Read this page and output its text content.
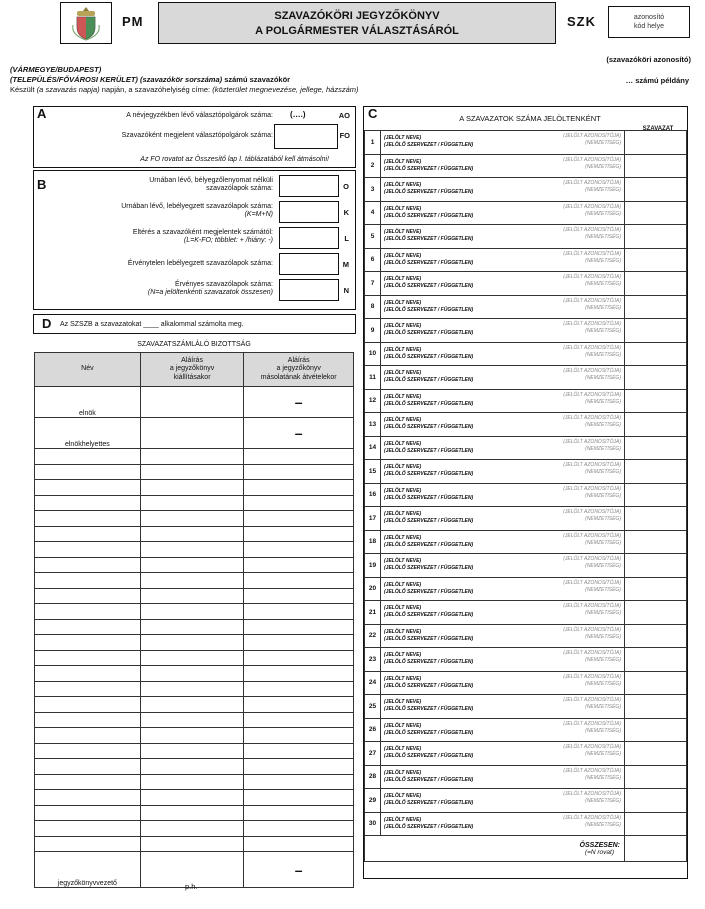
PM	SZAVAZÓKÖRI JEGYZŐKÖNYV
A POLGÁRMESTER VÁLASZTÁSÁRÓL
SZK	azonosító
kód helye
(szavazóköri azonosító)
(VÁRMEGYE/BUDAPEST)
(TELEPÜLÉS/FŐVÁROSI KERÜLET) (szavazókör sorszáma) számú szavazókör
Készült (a szavazás napja) napján, a szavazóhelyiség címe: (közterület megnevezése, jellege, házszám)
… számú példány
A	A névjegyzékben lévő választópolgárok száma: (….)	AO
Szavazóként megjelent választópolgárok száma:	FO
Az FO rovatot az Összesítő lap I. táblázatából kell átmásolni!
B	Urnában lévő, bélyegzőlenyomat nélküli
szavazólapok száma:	O
Urnában lévő, lebélyegzett szavazólapok száma:
(K=M+N)	K
Eltérés a szavazóként megjelentek számától:
(L=K-FO; többlet: + /hiány: -)	L
Érvénytelen lebélyegzett szavazólapok száma:	M
Érvényes szavazólapok száma:
(N=a jelöltenkénti szavazatok összesen)	N
D Az SZSZB a szavazatokat ____ alkalommal számolta meg.
SZAVAZATSZÁMLÁLÓ BIZOTTSÁG
Név	Aláírás
a jegyzőkönyv
kiállításakor	Aláírás
a jegyzőkönyv
másolatának átvételekor
elnök		–

elnökhelyettes		–

jegyzőkönyvvezető		–
p.h.
C	A SZAVAZATOK SZÁMA JELÖLTENKÉNT
SZAVAZAT
1	(JELÖLT NEVE)
(JELÖLŐ SZERVEZET / FÜGGETLEN)
(JELÖLT AZONOSÍTÓJA)
(NEMZETISÉG)	

2	(JELÖLT NEVE)
(JELÖLŐ SZERVEZET / FÜGGETLEN)
(JELÖLT AZONOSÍTÓJA)
(NEMZETISÉG)	

3	(JELÖLT NEVE)
(JELÖLŐ SZERVEZET / FÜGGETLEN)
(JELÖLT AZONOSÍTÓJA)
(NEMZETISÉG)	

4	(JELÖLT NEVE)
(JELÖLŐ SZERVEZET / FÜGGETLEN)
(JELÖLT AZONOSÍTÓJA)
(NEMZETISÉG)	

5	(JELÖLT NEVE)
(JELÖLŐ SZERVEZET / FÜGGETLEN)
(JELÖLT AZONOSÍTÓJA)
(NEMZETISÉG)	

6	(JELÖLT NEVE)
(JELÖLŐ SZERVEZET / FÜGGETLEN)
(JELÖLT AZONOSÍTÓJA)
(NEMZETISÉG)	

7	(JELÖLT NEVE)
(JELÖLŐ SZERVEZET / FÜGGETLEN)
(JELÖLT AZONOSÍTÓJA)
(NEMZETISÉG)	

8	(JELÖLT NEVE)
(JELÖLŐ SZERVEZET / FÜGGETLEN)
(JELÖLT AZONOSÍTÓJA)
(NEMZETISÉG)	

9	(JELÖLT NEVE)
(JELÖLŐ SZERVEZET / FÜGGETLEN)
(JELÖLT AZONOSÍTÓJA)
(NEMZETISÉG)	

10	(JELÖLT NEVE)
(JELÖLŐ SZERVEZET / FÜGGETLEN)
(JELÖLT AZONOSÍTÓJA)
(NEMZETISÉG)	

11	(JELÖLT NEVE)
(JELÖLŐ SZERVEZET / FÜGGETLEN)
(JELÖLT AZONOSÍTÓJA)
(NEMZETISÉG)	

12	(JELÖLT NEVE)
(JELÖLŐ SZERVEZET / FÜGGETLEN)
(JELÖLT AZONOSÍTÓJA)
(NEMZETISÉG)	

13	(JELÖLT NEVE)
(JELÖLŐ SZERVEZET / FÜGGETLEN)
(JELÖLT AZONOSÍTÓJA)
(NEMZETISÉG)	

14	(JELÖLT NEVE)
(JELÖLŐ SZERVEZET / FÜGGETLEN)
(JELÖLT AZONOSÍTÓJA)
(NEMZETISÉG)	

15	(JELÖLT NEVE)
(JELÖLŐ SZERVEZET / FÜGGETLEN)
(JELÖLT AZONOSÍTÓJA)
(NEMZETISÉG)	

16	(JELÖLT NEVE)
(JELÖLŐ SZERVEZET / FÜGGETLEN)
(JELÖLT AZONOSÍTÓJA)
(NEMZETISÉG)	

17	(JELÖLT NEVE)
(JELÖLŐ SZERVEZET / FÜGGETLEN)
(JELÖLT AZONOSÍTÓJA)
(NEMZETISÉG)	

18	(JELÖLT NEVE)
(JELÖLŐ SZERVEZET / FÜGGETLEN)
(JELÖLT AZONOSÍTÓJA)
(NEMZETISÉG)	

19	(JELÖLT NEVE)
(JELÖLŐ SZERVEZET / FÜGGETLEN)
(JELÖLT AZONOSÍTÓJA)
(NEMZETISÉG)	

20	(JELÖLT NEVE)
(JELÖLŐ SZERVEZET / FÜGGETLEN)
(JELÖLT AZONOSÍTÓJA)
(NEMZETISÉG)	

21	(JELÖLT NEVE)
(JELÖLŐ SZERVEZET / FÜGGETLEN)
(JELÖLT AZONOSÍTÓJA)
(NEMZETISÉG)	

22	(JELÖLT NEVE)
(JELÖLŐ SZERVEZET / FÜGGETLEN)
(JELÖLT AZONOSÍTÓJA)
(NEMZETISÉG)	

23	(JELÖLT NEVE)
(JELÖLŐ SZERVEZET / FÜGGETLEN)
(JELÖLT AZONOSÍTÓJA)
(NEMZETISÉG)	

24	(JELÖLT NEVE)
(JELÖLŐ SZERVEZET / FÜGGETLEN)
(JELÖLT AZONOSÍTÓJA)
(NEMZETISÉG)	

25	(JELÖLT NEVE)
(JELÖLŐ SZERVEZET / FÜGGETLEN)
(JELÖLT AZONOSÍTÓJA)
(NEMZETISÉG)	

26	(JELÖLT NEVE)
(JELÖLŐ SZERVEZET / FÜGGETLEN)
(JELÖLT AZONOSÍTÓJA)
(NEMZETISÉG)	

27	(JELÖLT NEVE)
(JELÖLŐ SZERVEZET / FÜGGETLEN)
(JELÖLT AZONOSÍTÓJA)
(NEMZETISÉG)	

28	(JELÖLT NEVE)
(JELÖLŐ SZERVEZET / FÜGGETLEN)
(JELÖLT AZONOSÍTÓJA)
(NEMZETISÉG)	

29	(JELÖLT NEVE)
(JELÖLŐ SZERVEZET / FÜGGETLEN)
(JELÖLT AZONOSÍTÓJA)
(NEMZETISÉG)	

30	(JELÖLT NEVE)
(JELÖLŐ SZERVEZET / FÜGGETLEN)
(JELÖLT AZONOSÍTÓJA)
(NEMZETISÉG)	

ÖSSZESEN:
(=N rovat)		
